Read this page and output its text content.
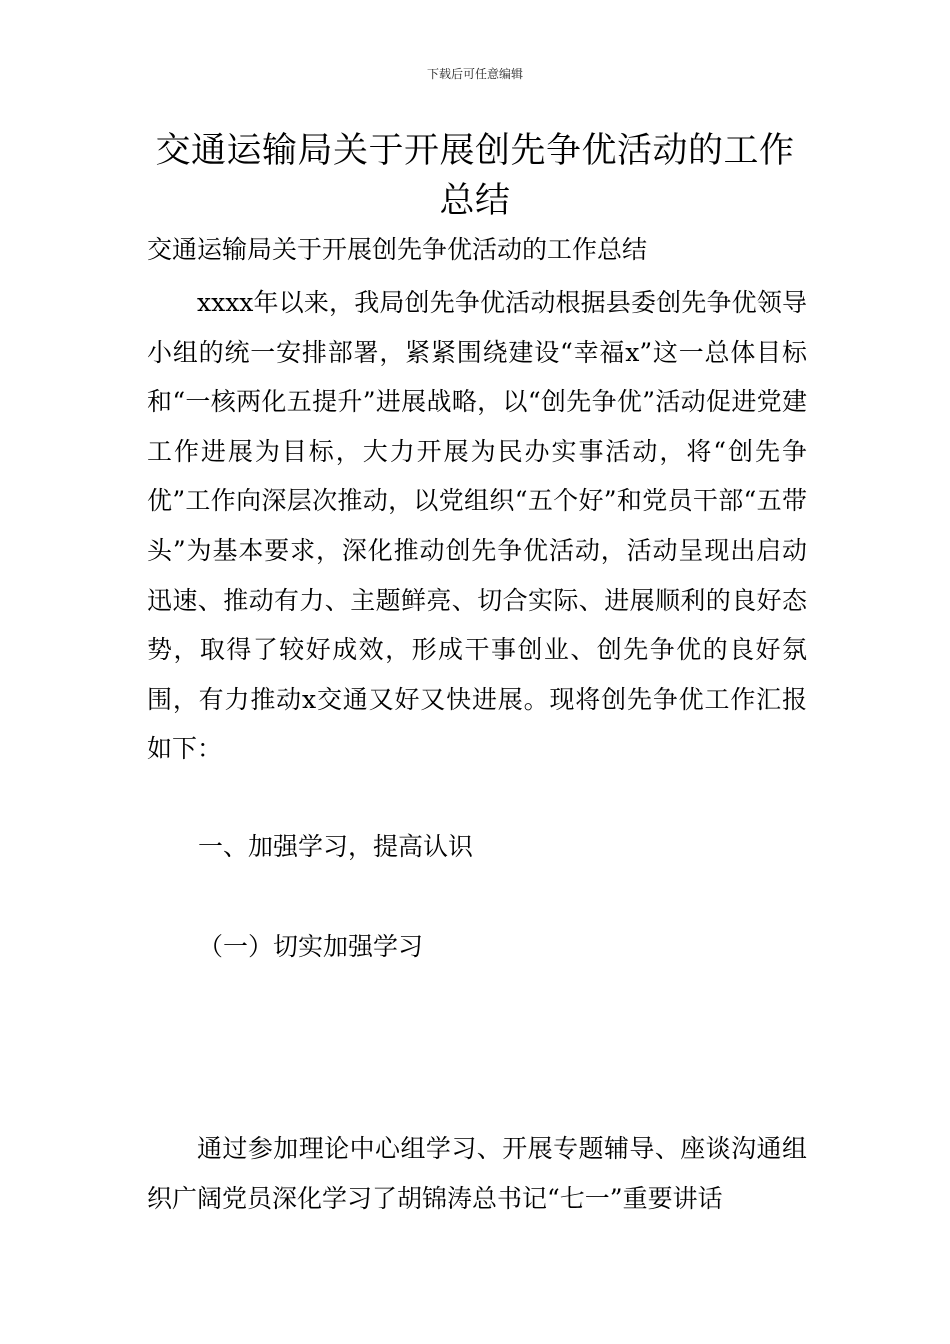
下载后可任意编辑
交通运输局关于开展创先争优活动的工作总结
交通运输局关于开展创先争优活动的工作总结

xxxx年以来，我局创先争优活动根据县委创先争优领导小组的统一安排部署，紧紧围绕建设“幸福x”这一总体目标和“一核两化五提升”进展战略，以“创先争优”活动促进党建工作进展为目标，大力开展为民办实事活动，将“创先争优”工作向深层次推动，以党组织“五个好”和党员干部“五带头”为基本要求，深化推动创先争优活动，活动呈现出启动迅速、推动有力、主题鲜亮、切合实际、进展顺利的良好态势，取得了较好成效，形成干事创业、创先争优的良好氛围，有力推动x交通又好又快进展。现将创先争优工作汇报如下：

一、加强学习，提高认识
（一）切实加强学习

通过参加理论中心组学习、开展专题辅导、座谈沟通组织广阔党员深化学习了胡锦涛总书记“七一”重要讲话
